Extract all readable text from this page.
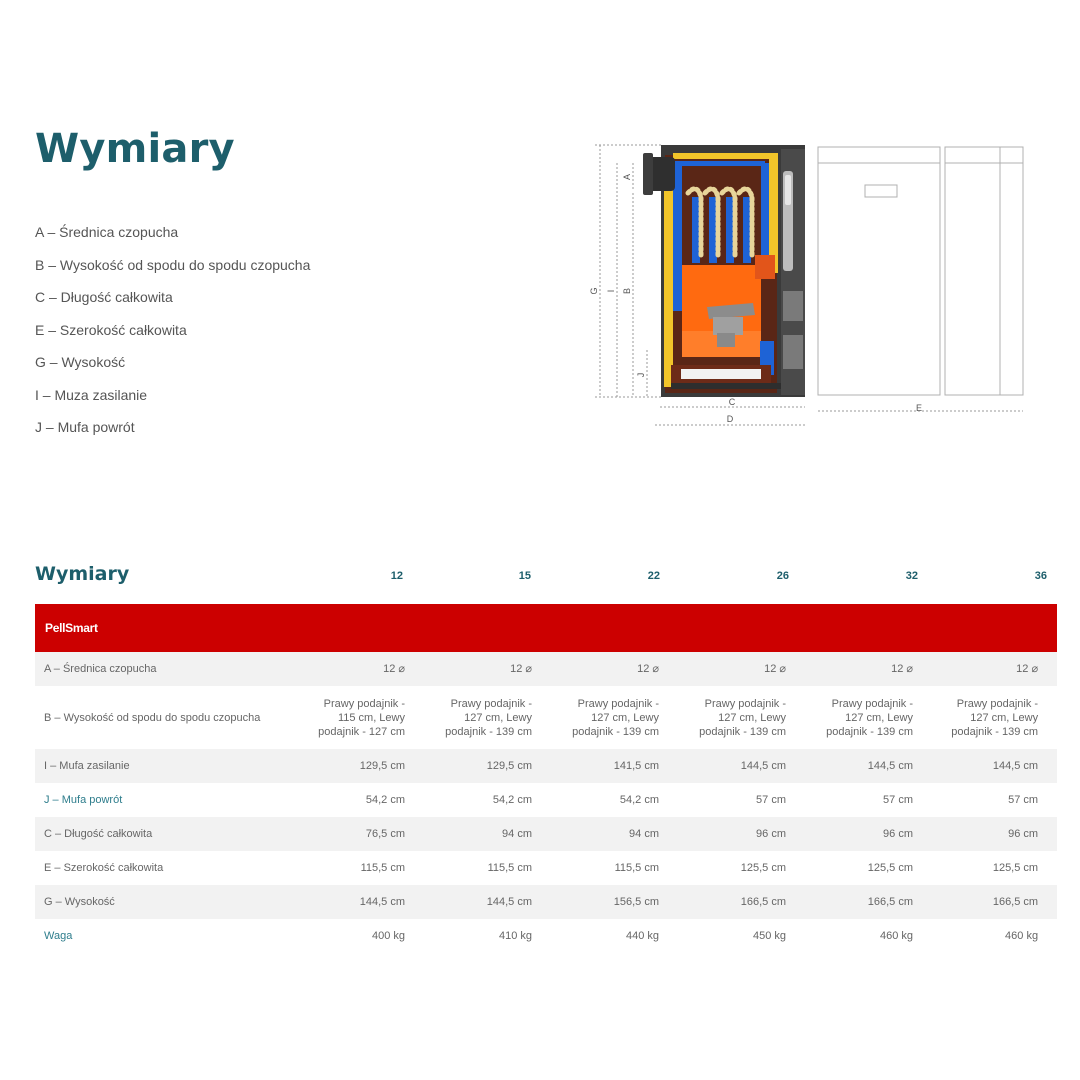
Wymiary
A – Średnica czopucha
B – Wysokość od spodu do spodu czopucha
C – Długość całkowita
E – Szerokość całkowita
G – Wysokość
I – Muza zasilanie
J – Mufa powrót
G I B
A
J
C
D
E
Wymiary	12	15	22	26	32	36
PellSmart						
A – Średnica czopucha	12 ⌀	12 ⌀	12 ⌀	12 ⌀	12 ⌀	12 ⌀
B – Wysokość od spodu do spodu czopucha	Prawy podajnik - 115 cm, Lewy podajnik - 127 cm	Prawy podajnik - 127 cm, Lewy podajnik - 139 cm	Prawy podajnik - 127 cm, Lewy podajnik - 139 cm	Prawy podajnik - 127 cm, Lewy podajnik - 139 cm	Prawy podajnik - 127 cm, Lewy podajnik - 139 cm	Prawy podajnik - 127 cm, Lewy podajnik - 139 cm
I – Mufa zasilanie	129,5 cm	129,5 cm	141,5 cm	144,5 cm	144,5 cm	144,5 cm
J – Mufa powrót	54,2 cm	54,2 cm	54,2 cm	57 cm	57 cm	57 cm
C – Długość całkowita	76,5 cm	94 cm	94 cm	96 cm	96 cm	96 cm
E – Szerokość całkowita	115,5 cm	115,5 cm	115,5 cm	125,5 cm	125,5 cm	125,5 cm
G – Wysokość	144,5 cm	144,5 cm	156,5 cm	166,5 cm	166,5 cm	166,5 cm
Waga	400 kg	410 kg	440 kg	450 kg	460 kg	460 kg
